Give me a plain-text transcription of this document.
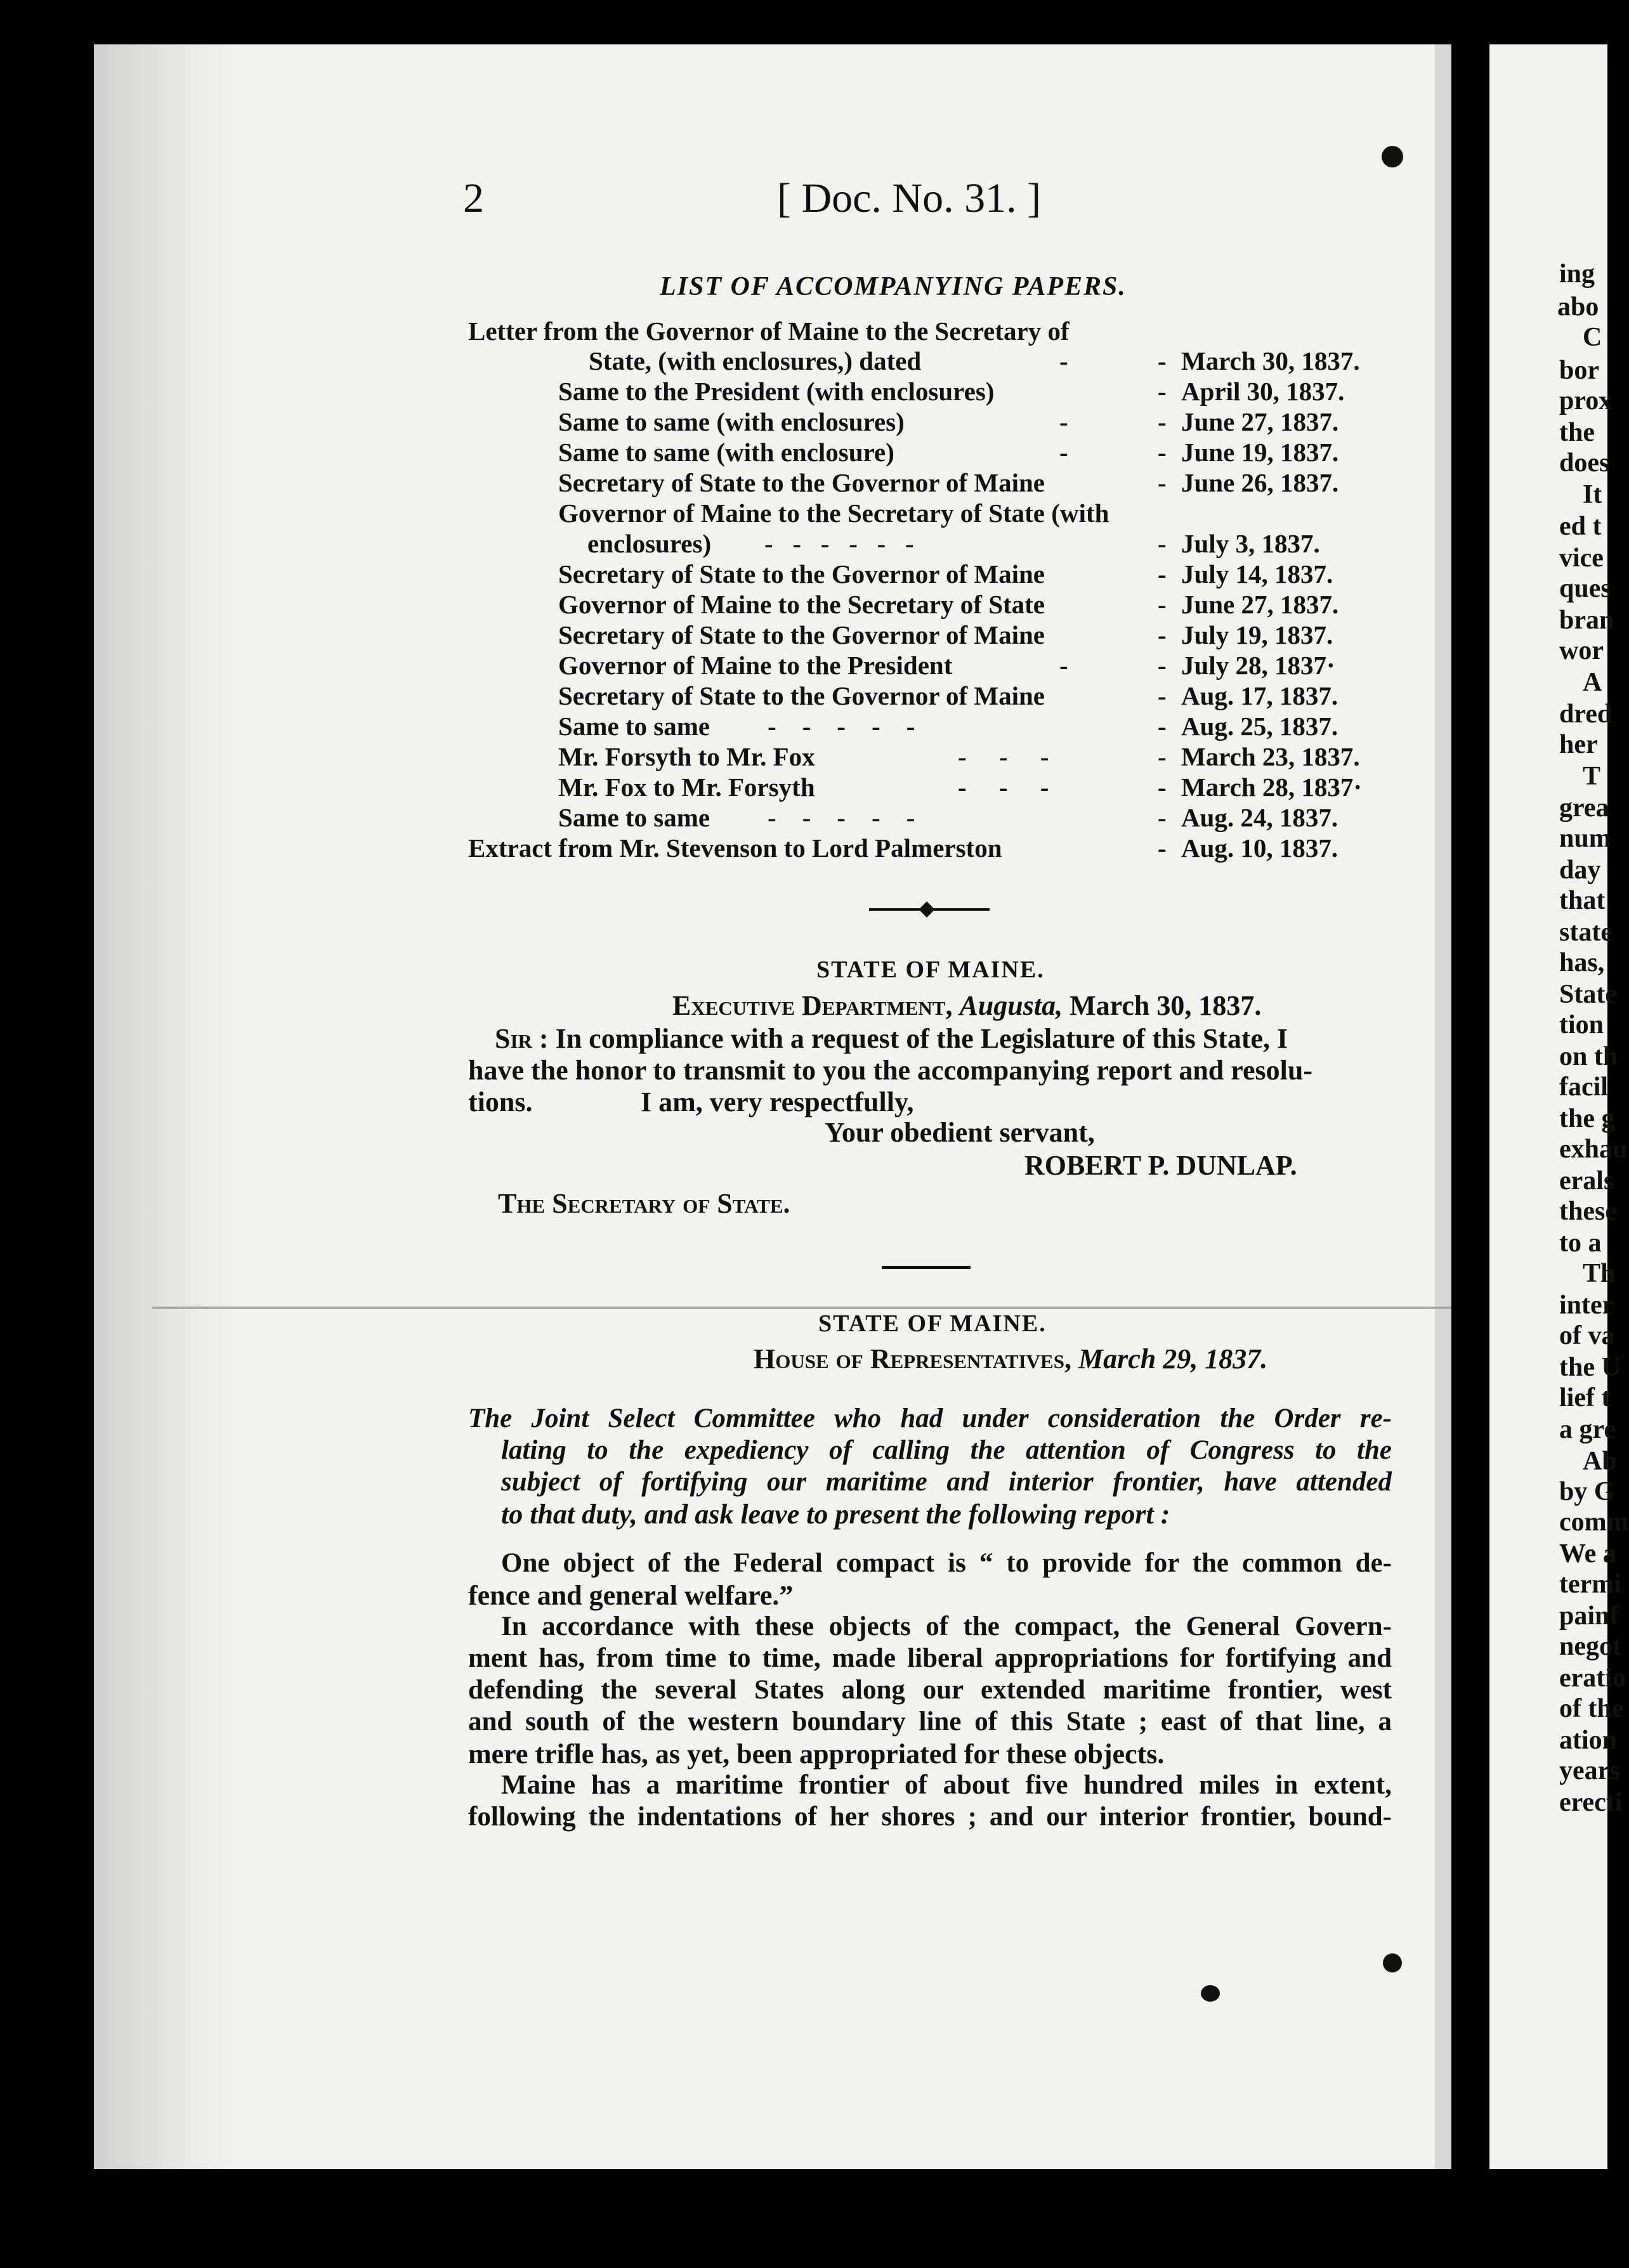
2	[ Doc. No. 31. ]
LIST OF ACCOMPANYING PAPERS.
Letter from the Governor of Maine to the Secretary of
State, (with enclosures,) dated	March 30, 1837.
Same to the President (with enclosures)	April 30, 1837.
Same to same (with enclosures)	June 27, 1837.
Same to same (with enclosure)	June 19, 1837.
Secretary of State to the Governor of Maine	June 26, 1837.
Governor of Maine to the Secretary of State (with
enclosures)	July 3, 1837.
Secretary of State to the Governor of Maine	July 14, 1837.
Governor of Maine to the Secretary of State	June 27, 1837.
Secretary of State to the Governor of Maine	July 19, 1837.
Governor of Maine to the President	July 28, 1837·
Secretary of State to the Governor of Maine	Aug. 17, 1837.
Same to same	Aug. 25, 1837.
Mr. Forsyth to Mr. Fox	March 23, 1837.
Mr. Fox to Mr. Forsyth	March 28, 1837·
Same to same	Aug. 24, 1837.
Extract from Mr. Stevenson to Lord Palmerston	Aug. 10, 1837.
-
-
-
-
-
-
-
-
-
-   -   -   -   -   -
-
-
-
-
-
-
-
-    -    -    -    -
-
-     -     -
-
-     -     -
-
-    -    -    -    -
-
STATE OF MAINE.
Executive Department, Augusta, March 30, 1837.
Sir : In compliance with a request of the Legislature of this State, I
have the honor to transmit to you the accompanying report and resolu-
tions.	I am, very respectfully,
Your obedient servant,
ROBERT P. DUNLAP.
The Secretary of State.
STATE OF MAINE.
House of Representatives, March 29, 1837.
The Joint Select Committee who had under consideration the Order re-
lating to the expediency of calling the attention of Congress to the
subject of fortifying our maritime and interior frontier, have attended
to that duty, and ask leave to present the following report :
One object of the Federal compact is “ to provide for the common de-
fence and general welfare.”
In accordance with these objects of the compact, the General Govern-
ment has, from time to time, made liberal appropriations for fortifying and
defending the several States along our extended maritime frontier, west
and south of the western boundary line of this State ; east of that line, a
mere trifle has, as yet, been appropriated for these objects.
Maine has a maritime frontier of about five hundred miles in extent,
following the indentations of her shores ; and our interior frontier, bound-
ing
abo
C
bor
prox
the
does
It
ed t
vice
ques
bran
wor
A
dred
her
T
grea
num
day
that
state
has,
State
tion
on th
facil
the g
exhau
erals
these
to a
Th
inter
of va
the U
lief t
a gre
Ab
by G
comm
We a
termi
painf
negot
eratio
of the
ation
years
erecti
